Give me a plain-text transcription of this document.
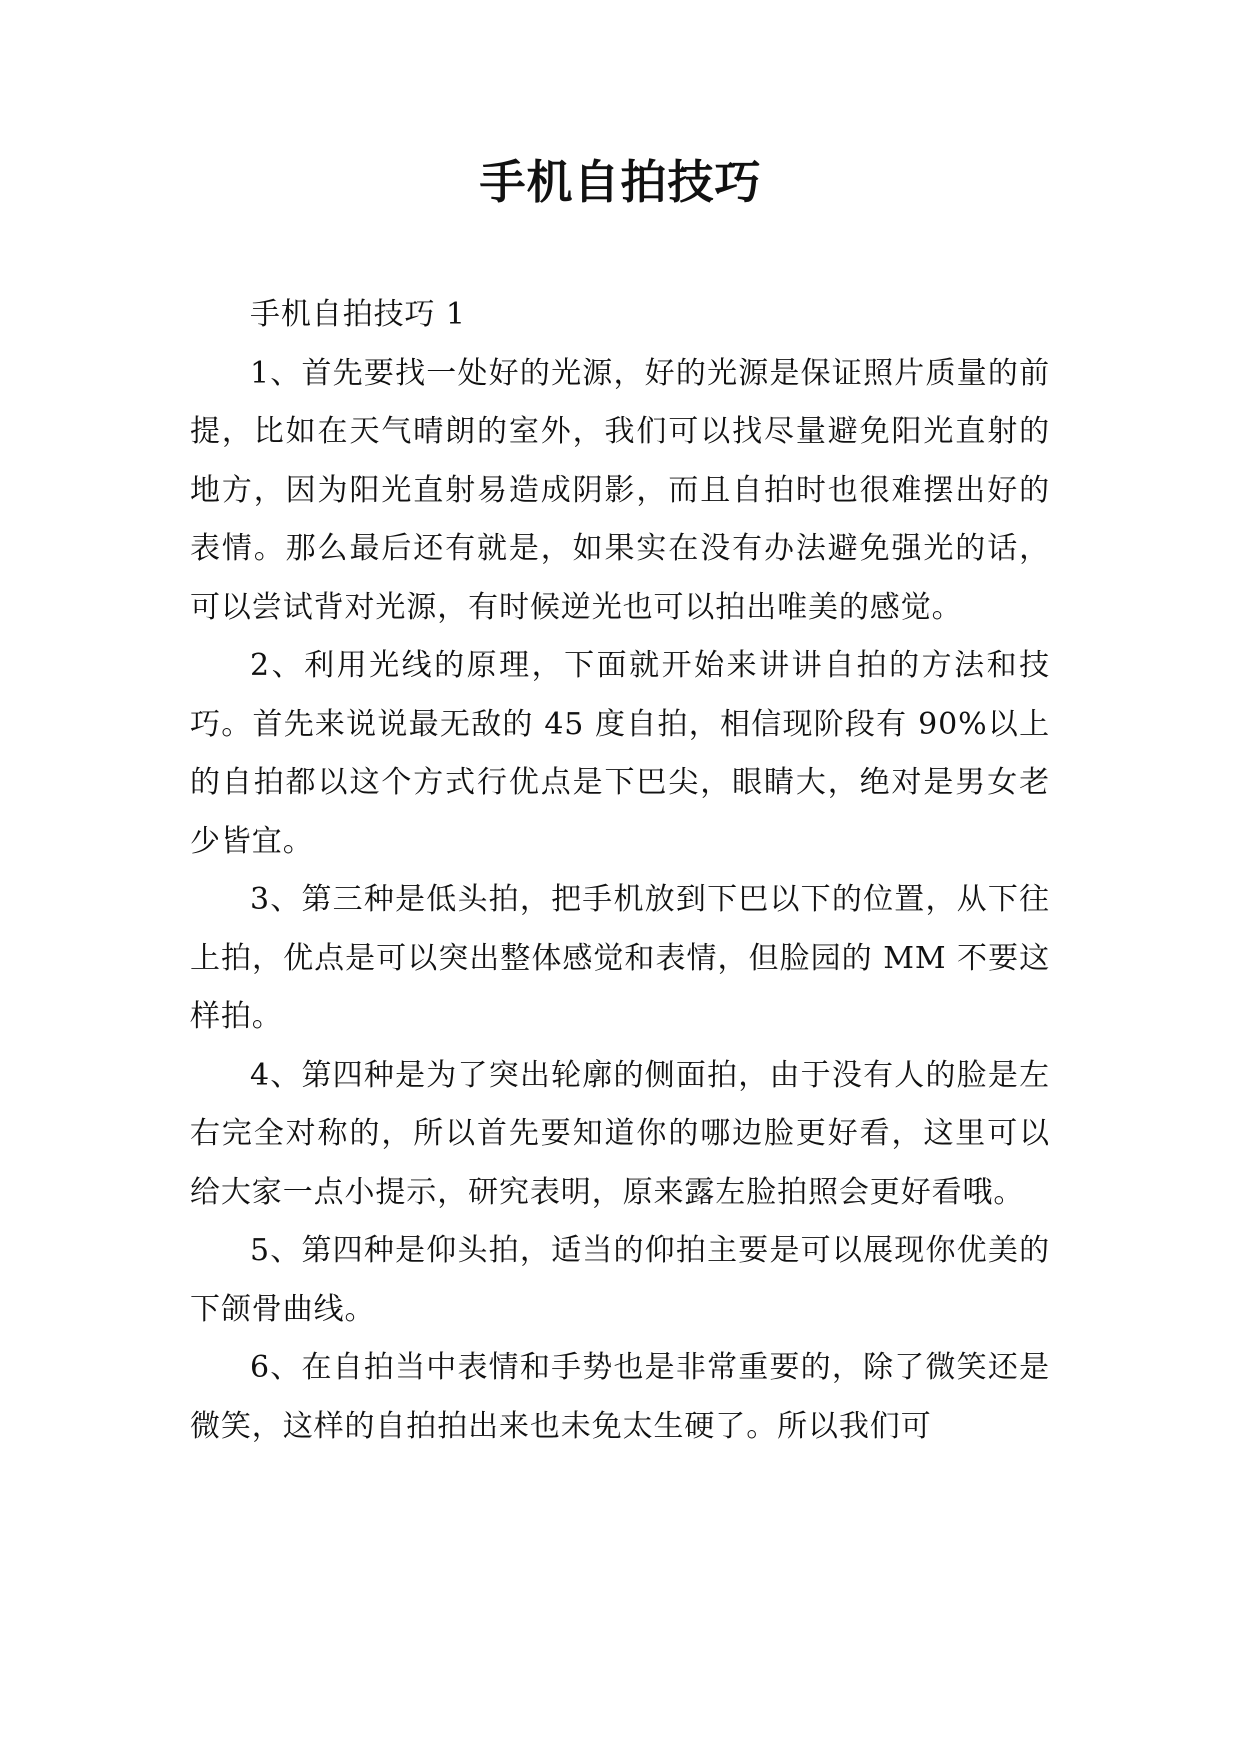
手机自拍技巧

手机自拍技巧 1

1、首先要找一处好的光源，好的光源是保证照片质量的前提，比如在天气晴朗的室外，我们可以找尽量避免阳光直射的地方，因为阳光直射易造成阴影，而且自拍时也很难摆出好的表情。那么最后还有就是，如果实在没有办法避免强光的话，可以尝试背对光源，有时候逆光也可以拍出唯美的感觉。

2、利用光线的原理，下面就开始来讲讲自拍的方法和技巧。首先来说说最无敌的 45 度自拍，相信现阶段有 90%以上的自拍都以这个方式行优点是下巴尖，眼睛大，绝对是男女老少皆宜。

3、第三种是低头拍，把手机放到下巴以下的位置，从下往上拍，优点是可以突出整体感觉和表情，但脸园的 MM 不要这样拍。

4、第四种是为了突出轮廓的侧面拍，由于没有人的脸是左右完全对称的，所以首先要知道你的哪边脸更好看，这里可以给大家一点小提示，研究表明，原来露左脸拍照会更好看哦。

5、第四种是仰头拍，适当的仰拍主要是可以展现你优美的下颌骨曲线。

6、在自拍当中表情和手势也是非常重要的，除了微笑还是微笑，这样的自拍拍出来也未免太生硬了。所以我们可
